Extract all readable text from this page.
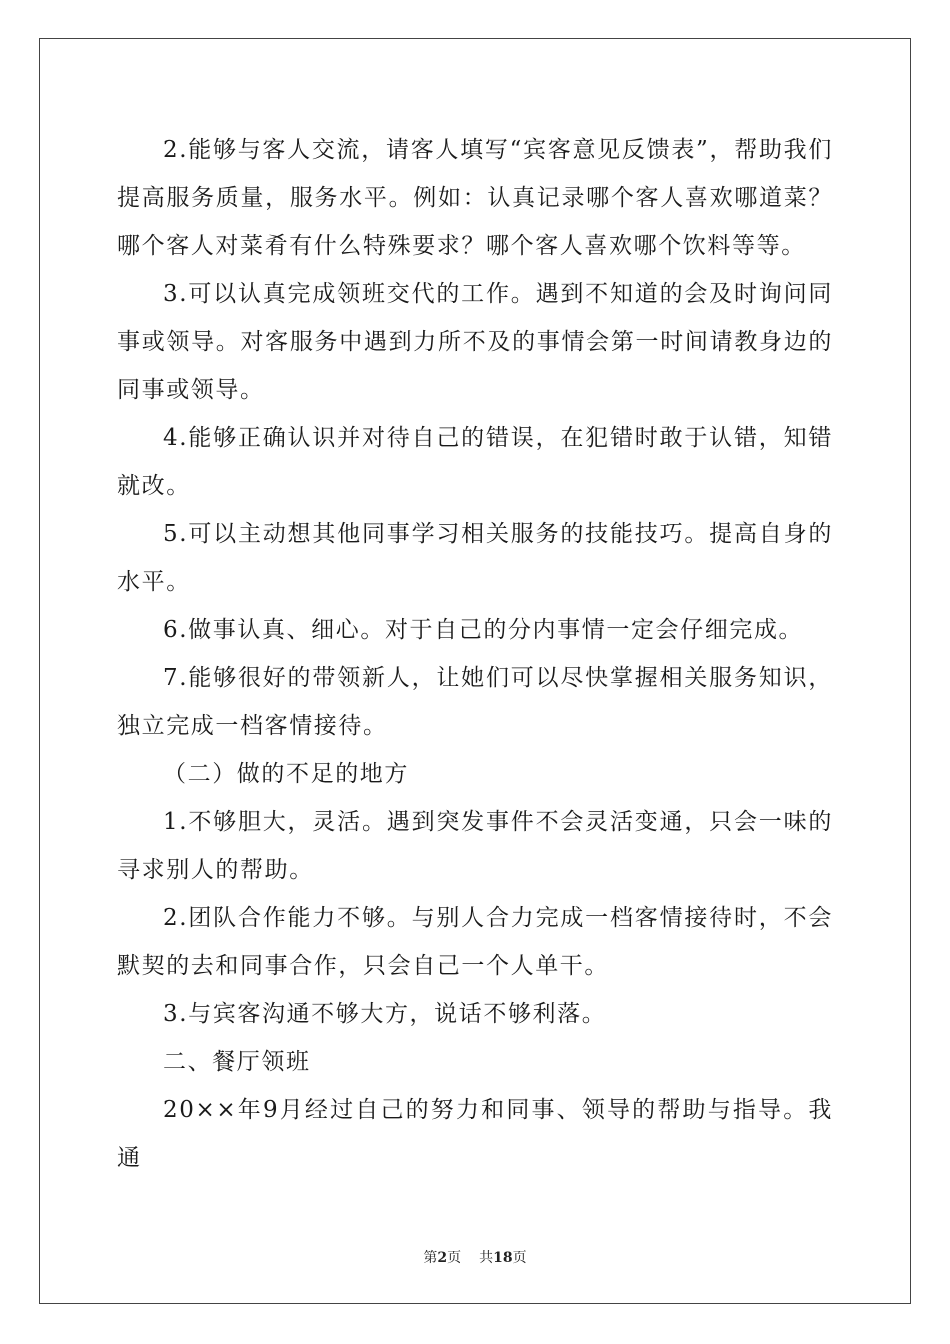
2.能够与客人交流，请客人填写“宾客意见反馈表”，帮助我们提高服务质量，服务水平。例如：认真记录哪个客人喜欢哪道菜？哪个客人对菜肴有什么特殊要求？哪个客人喜欢哪个饮料等等。

3.可以认真完成领班交代的工作。遇到不知道的会及时询问同事或领导。对客服务中遇到力所不及的事情会第一时间请教身边的同事或领导。

4.能够正确认识并对待自己的错误，在犯错时敢于认错，知错就改。

5.可以主动想其他同事学习相关服务的技能技巧。提高自身的水平。

6.做事认真、细心。对于自己的分内事情一定会仔细完成。

7.能够很好的带领新人，让她们可以尽快掌握相关服务知识，独立完成一档客情接待。

（二）做的不足的地方

1.不够胆大，灵活。遇到突发事件不会灵活变通，只会一味的寻求别人的帮助。

2.团队合作能力不够。与别人合力完成一档客情接待时，不会默契的去和同事合作，只会自己一个人单干。

3.与宾客沟通不够大方，说话不够利落。

二、餐厅领班

20××年9月经过自己的努力和同事、领导的帮助与指导。我通

第2页 共18页
